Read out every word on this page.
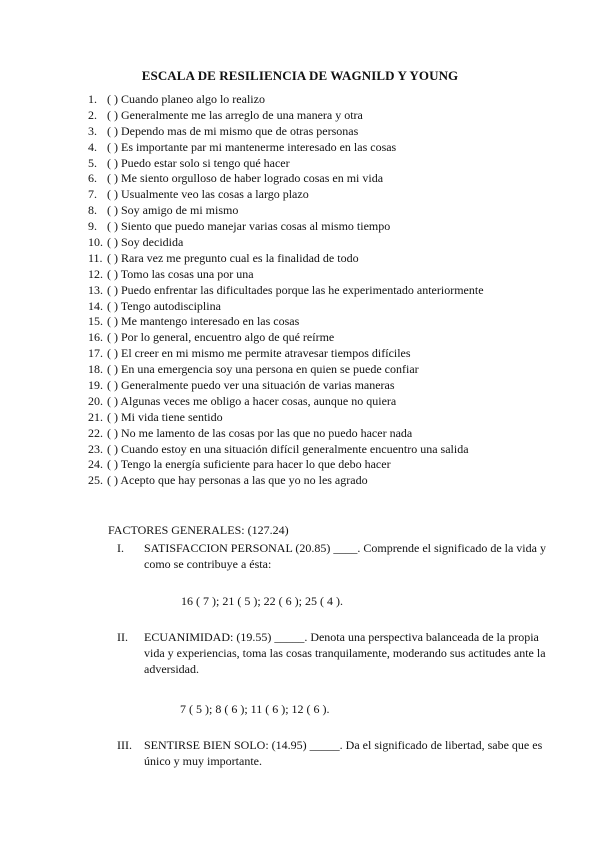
ESCALA DE RESILIENCIA DE WAGNILD Y YOUNG
1. ( ) Cuando planeo algo lo realizo
2. ( ) Generalmente me las arreglo de una manera y otra
3. ( ) Dependo mas de mi mismo que de otras personas
4. ( ) Es importante par mi mantenerme interesado en las cosas
5. ( ) Puedo estar solo si tengo qué hacer
6. ( ) Me siento orgulloso de haber logrado cosas en mi vida
7. ( ) Usualmente veo las cosas a largo plazo
8. ( ) Soy amigo de mi mismo
9. ( ) Siento que puedo manejar varias cosas al mismo tiempo
10. ( ) Soy decidida
11. ( ) Rara vez me pregunto cual es la finalidad de todo
12. ( ) Tomo las cosas una por una
13. ( ) Puedo enfrentar las dificultades porque las he experimentado anteriormente
14. ( ) Tengo autodisciplina
15. ( ) Me mantengo interesado en las cosas
16. ( ) Por lo general, encuentro algo de qué reírme
17. ( ) El creer en mi mismo me permite atravesar tiempos difíciles
18. ( ) En una emergencia soy una persona en quien se puede confiar
19. ( ) Generalmente puedo ver una situación de varias maneras
20. ( ) Algunas veces me obligo a hacer cosas, aunque no quiera
21. ( ) Mi vida tiene sentido
22. ( ) No me lamento de las cosas por las que no puedo hacer nada
23. ( ) Cuando estoy en una situación difícil generalmente encuentro una salida
24. ( ) Tengo la energía suficiente para hacer lo que debo hacer
25. ( ) Acepto que hay personas a las que yo no les agrado

FACTORES GENERALES: (127.24)

I. SATISFACCION PERSONAL (20.85) ____. Comprende el significado de la vida y como se contribuye a ésta:

16 ( 7 ); 21 ( 5 ); 22 ( 6 ); 25 ( 4 ).

II. ECUANIMIDAD: (19.55) _____. Denota una perspectiva balanceada de la propia vida y experiencias, toma las cosas tranquilamente, moderando sus actitudes ante la adversidad.

7 ( 5 ); 8 ( 6 ); 11 ( 6 ); 12 ( 6 ).

III. SENTIRSE BIEN SOLO: (14.95) _____. Da el significado de libertad, sabe que es único y muy importante.
